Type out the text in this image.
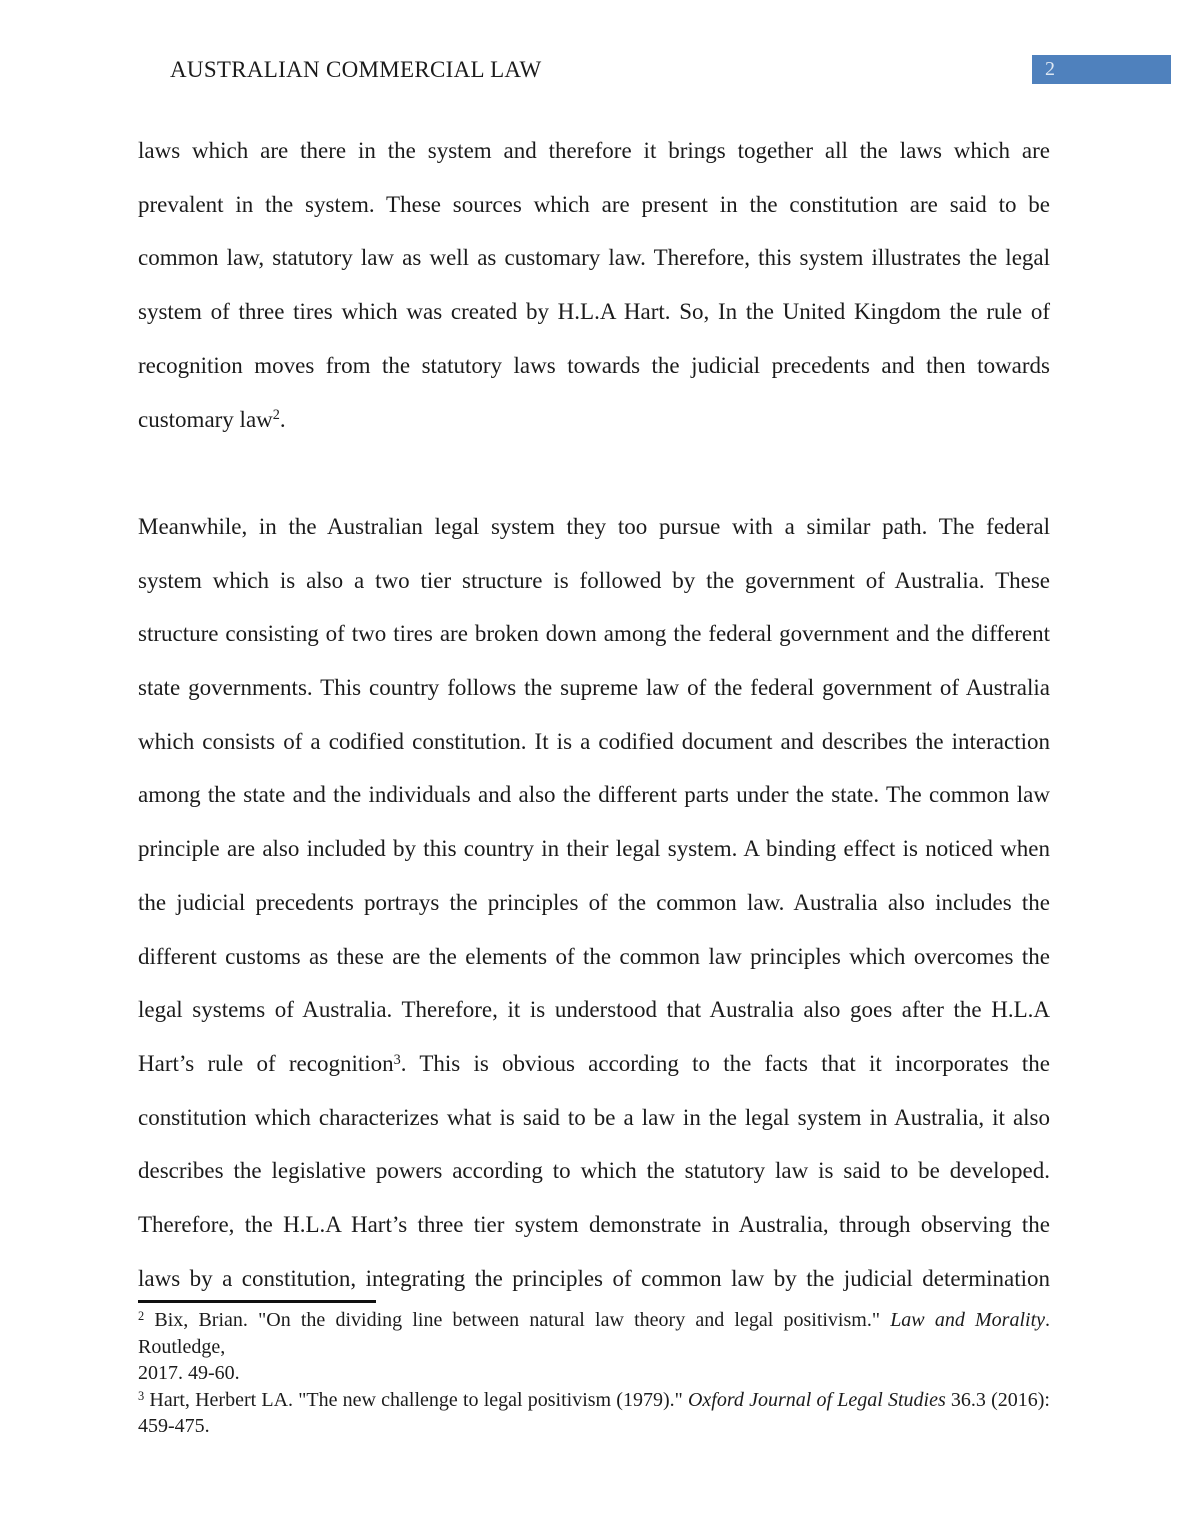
AUSTRALIAN COMMERCIAL LAW	2
laws which are there in the system and therefore it brings together all the laws which are
prevalent in the system. These sources which are present in the constitution are said to be
common law, statutory law as well as customary law. Therefore, this system illustrates the legal
system of three tires which was created by H.L.A Hart. So, In the United Kingdom the rule of
recognition moves from the statutory laws towards the judicial precedents and then towards
customary law$^2$.
Meanwhile, in the Australian legal system they too pursue with a similar path. The federal
system which is also a two tier structure is followed by the government of Australia. These
structure consisting of two tires are broken down among the federal government and the different
state governments. This country follows the supreme law of the federal government of Australia
which consists of a codified constitution. It is a codified document and describes the interaction
among the state and the individuals and also the different parts under the state. The common law
principle are also included by this country in their legal system. A binding effect is noticed when
the judicial precedents portrays the principles of the common law. Australia also includes the
different customs as these are the elements of the common law principles which overcomes the
legal systems of Australia. Therefore, it is understood that Australia also goes after the H.L.A
Hart’s rule of recognition$^3$. This is obvious according to the facts that it incorporates the
constitution which characterizes what is said to be a law in the legal system in Australia, it also
describes the legislative powers according to which the statutory law is said to be developed.
Therefore, the H.L.A Hart’s three tier system demonstrate in Australia, through observing the
laws by a constitution, integrating the principles of common law by the judicial determination
$^2$ Bix, Brian. "On the dividing line between natural law theory and legal positivism." Law and Morality. Routledge,
2017. 49-60.
$^3$ Hart, Herbert LA. "The new challenge to legal positivism (1979)." Oxford Journal of Legal Studies 36.3 (2016):
459-475.
